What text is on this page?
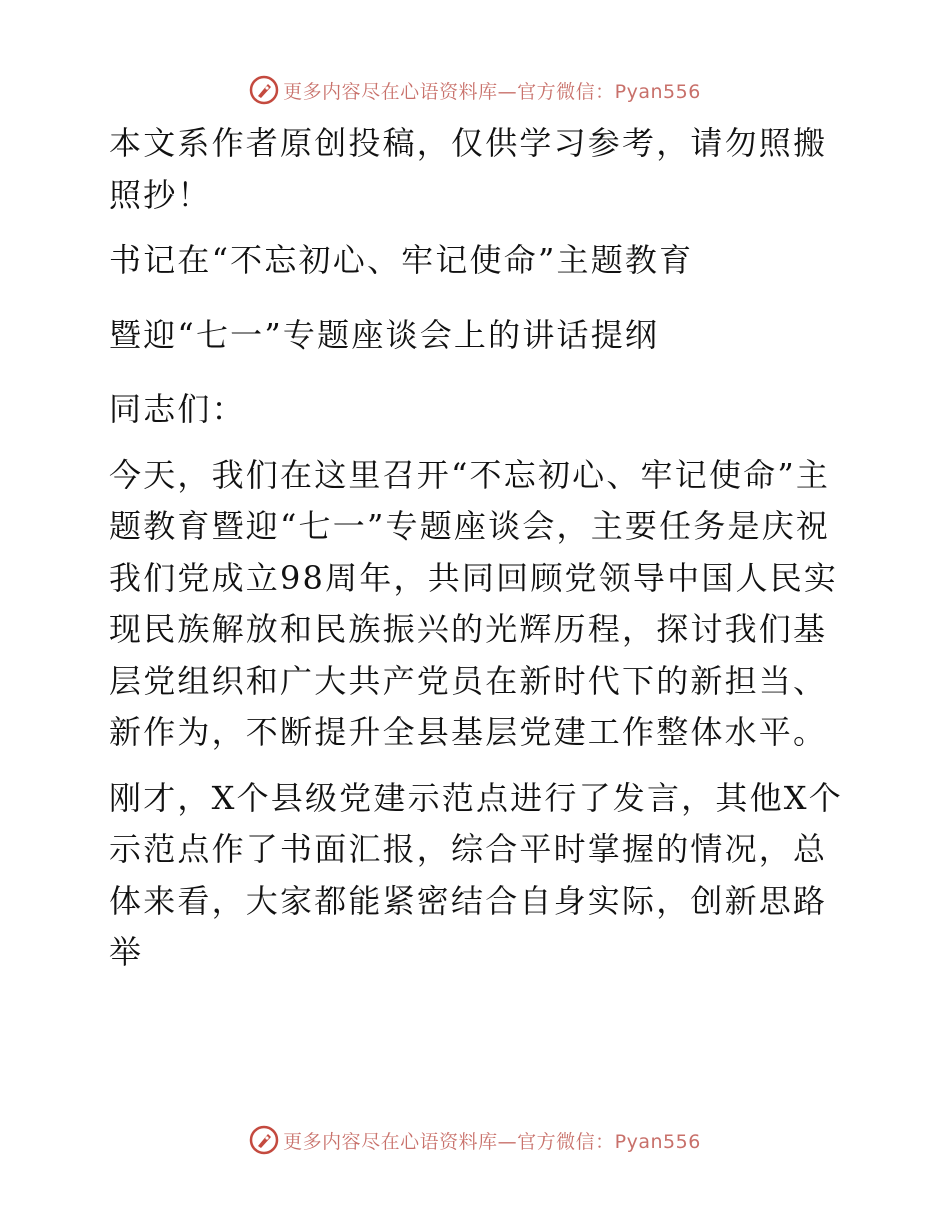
更多内容尽在心语资料库—官方微信：Pyan556

本文系作者原创投稿，仅供学习参考，请勿照搬照抄！

书记在“不忘初心、牢记使命”主题教育
暨迎“七一”专题座谈会上的讲话提纲

同志们：

今天，我们在这里召开“不忘初心、牢记使命”主题教育暨迎“七一”专题座谈会，主要任务是庆祝我们党成立98周年，共同回顾党领导中国人民实现民族解放和民族振兴的光辉历程，探讨我们基层党组织和广大共产党员在新时代下的新担当、新作为，不断提升全县基层党建工作整体水平。

刚才，X个县级党建示范点进行了发言，其他X个示范点作了书面汇报，综合平时掌握的情况，总体来看，大家都能紧密结合自身实际，创新思路举

更多内容尽在心语资料库—官方微信：Pyan556
